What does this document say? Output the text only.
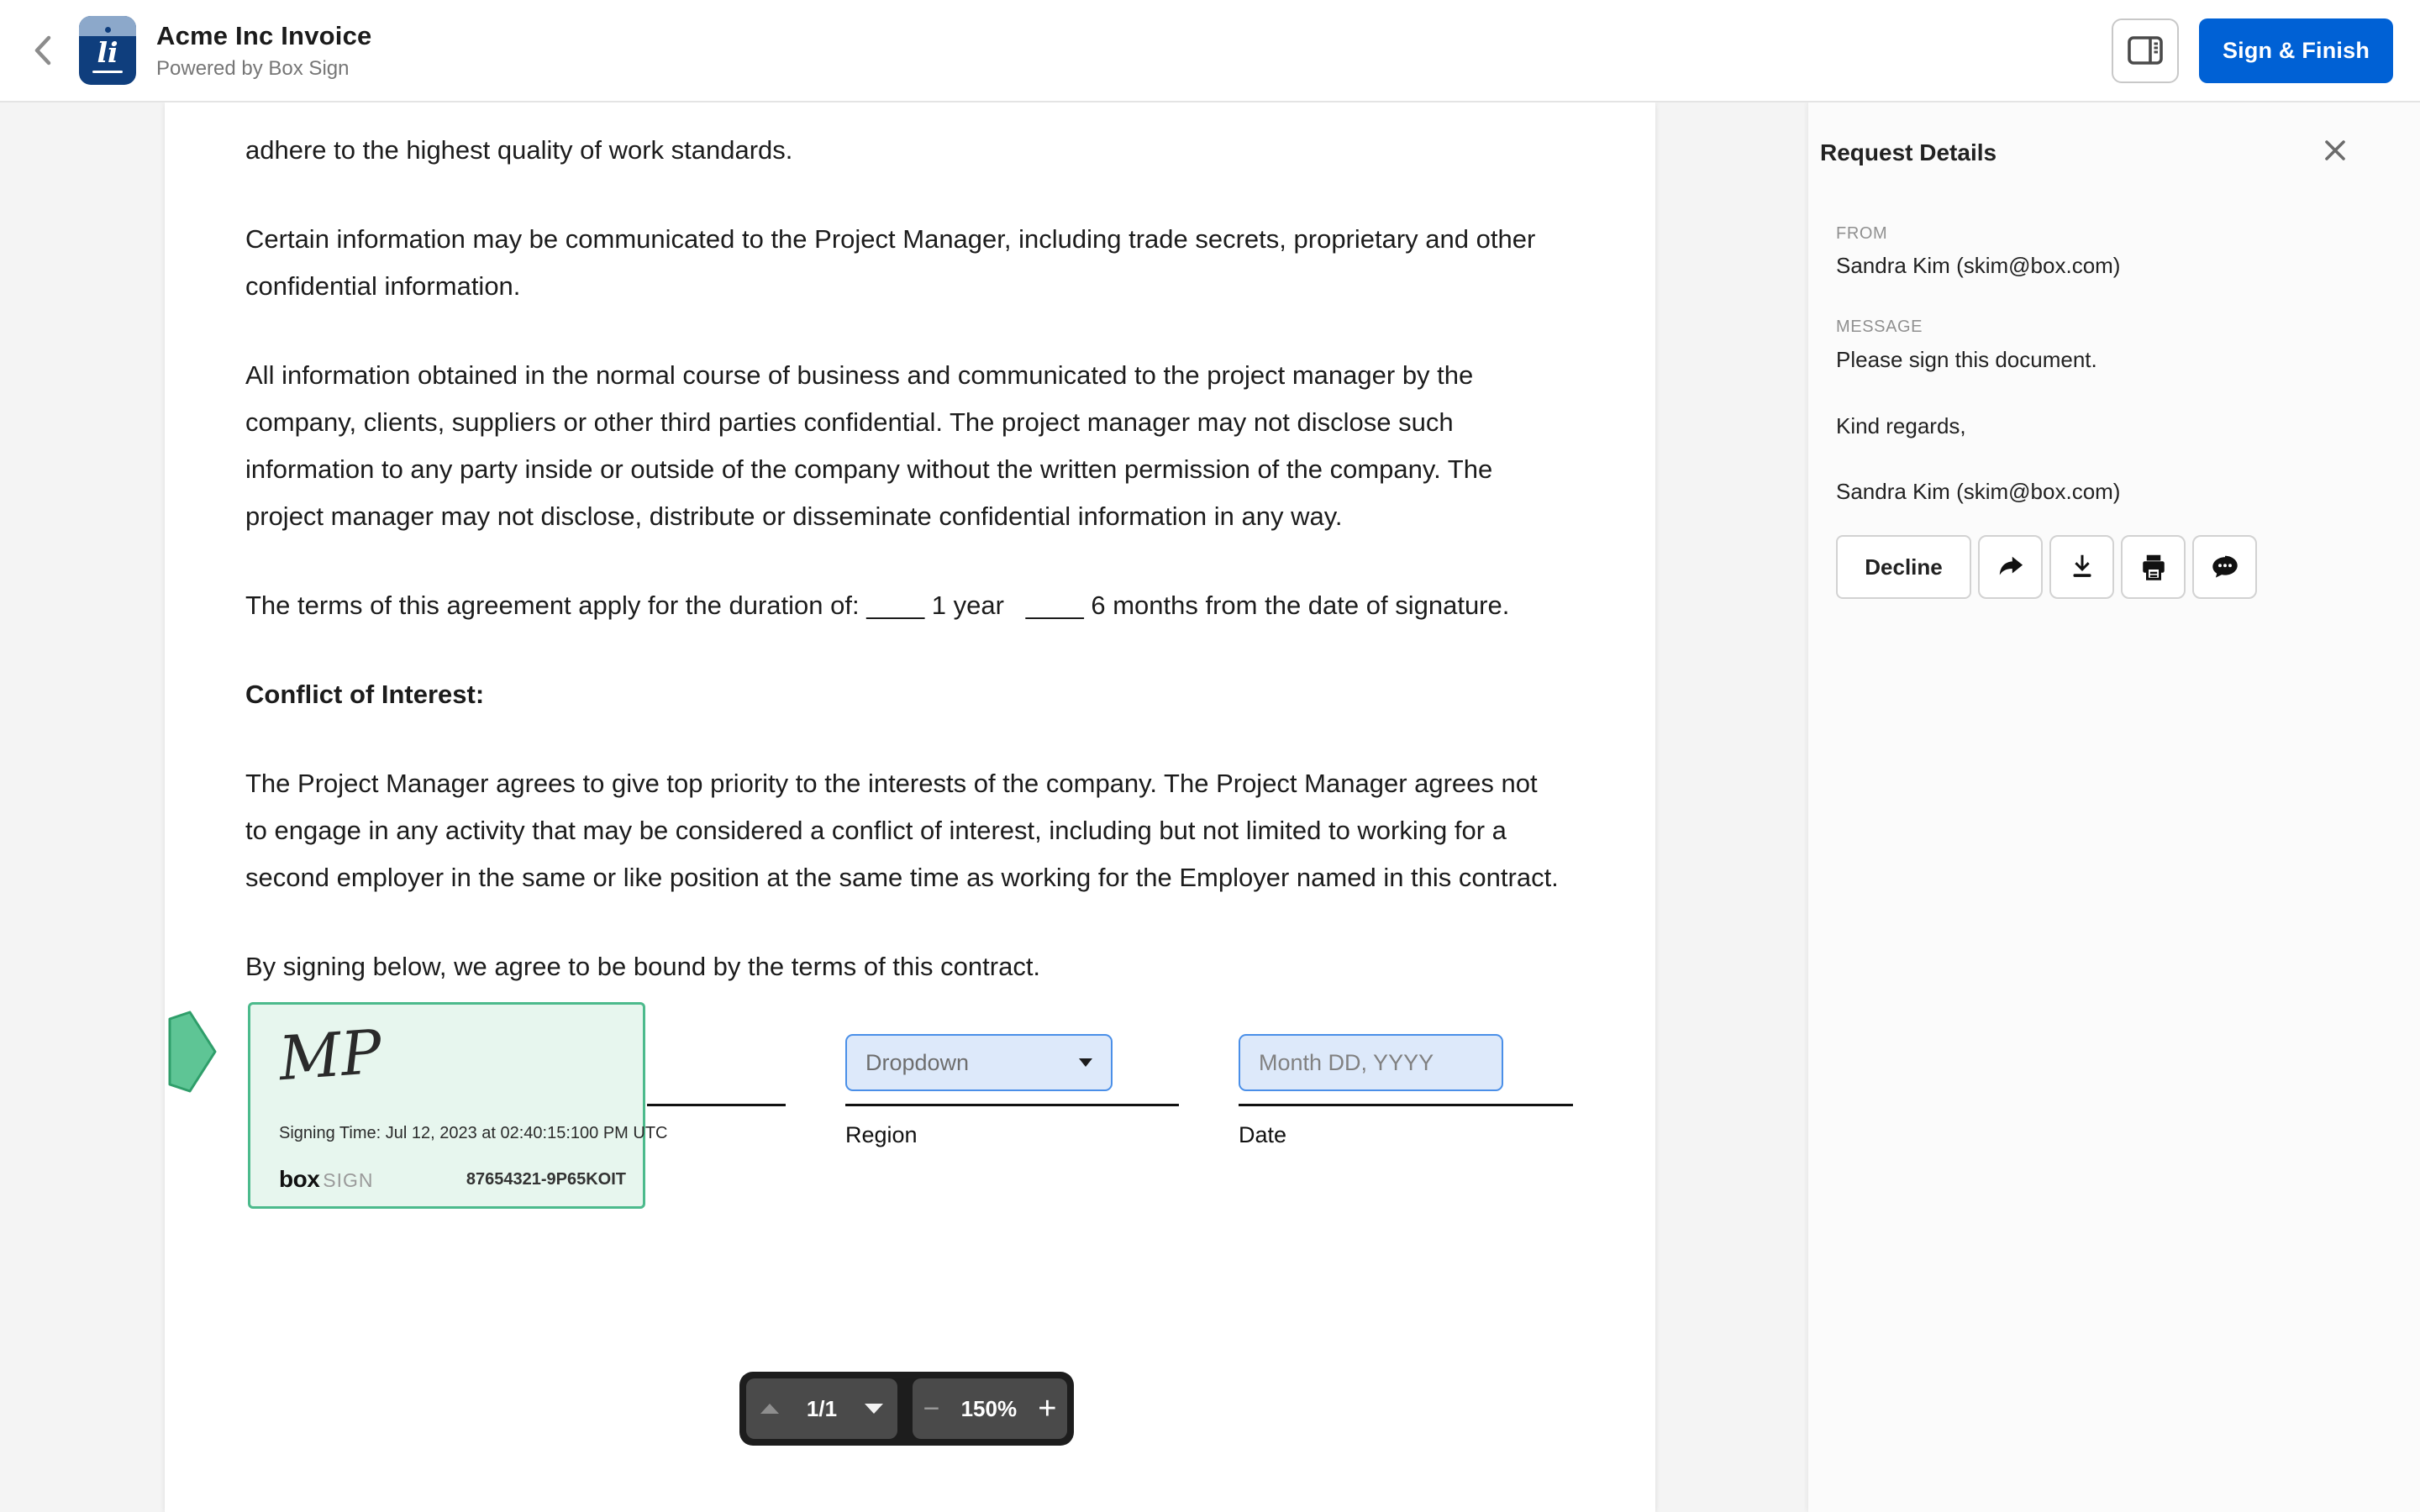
li
Acme Inc Invoice
Powered by Box Sign
Sign & Finish

adhere to the highest quality of work standards.

Certain information may be communicated to the Project Manager, including trade secrets, proprietary and other confidential information.

All information obtained in the normal course of business and communicated to the project manager by the company, clients, suppliers or other third parties confidential. The project manager may not disclose such information to any party inside or outside of the company without the written permission of the company. The project manager may not disclose, distribute or disseminate confidential information in any way.

The terms of this agreement apply for the duration of: ____ 1 year   ____ 6 months from the date of signature.

Conflict of Interest:

The Project Manager agrees to give top priority to the interests of the company. The Project Manager agrees not to engage in any activity that may be considered a conflict of interest, including but not limited to working for a second employer in the same or like position at the same time as working for the Employer named in this contract.

By signing below, we agree to be bound by the terms of this contract.

MP
Signing Time: Jul 12, 2023 at 02:40:15:100 PM UTC
box SIGN	87654321-9P65KOIT
Dropdown
Region
Month DD, YYYY
Date
1/1	− 150% +
Request Details
FROM
Sandra Kim (skim@box.com)
MESSAGE
Please sign this document.
Kind regards,
Sandra Kim (skim@box.com)
Decline
